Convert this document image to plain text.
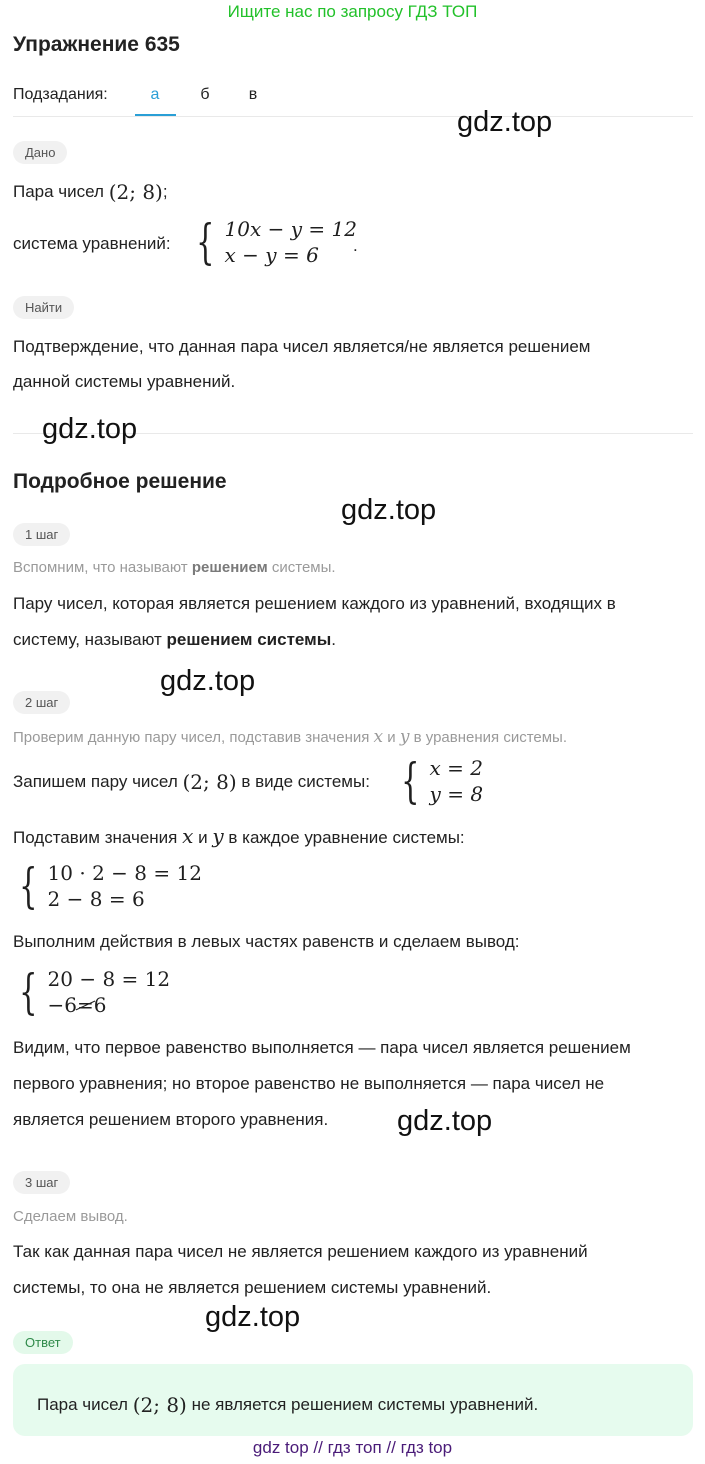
Ищите нас по запросу ГДЗ ТОП
Упражнение 635
Подзадания:	а	б	в
gdz.top
Дано
Пара чисел
(2; 8) ;
система уравнений: { 10x − y = 12
x − y = 6	.
Найти
Подтверждение, что данная пара чисел является/не является решением
данной системы уравнений.
gdz.top
Подробное решение
gdz.top
1 шаг
Вспомним, что называют решением системы.
Пару чисел, которая является решением каждого из уравнений, входящих в
систему, называют решением системы.
gdz.top
2 шаг
Проверим данную пару чисел, подставив значения x и y в уравнения системы.
Запишем пару чисел
(2; 8)
в виде системы: { x = 2
y = 8
Подставим значения x и y в каждое уравнение системы:
{ 10 · 2 − 8 = 12
2 − 8 = 6
Выполним действия в левых частях равенств и сделаем вывод:
{ 20 − 8 = 12
−6=6
Видим, что первое равенство выполняется — пара чисел является решением
первого уравнения; но второе равенство не выполняется — пара чисел не
является решением второго уравнения. gdz.top
3 шаг
Сделаем вывод.
Так как данная пара чисел не является решением каждого из уравнений
системы, то она не является решением системы уравнений.
gdz.top
Ответ
Пара чисел
(2; 8)
не является решением системы уравнений.
gdz top // гдз топ // гдз top
